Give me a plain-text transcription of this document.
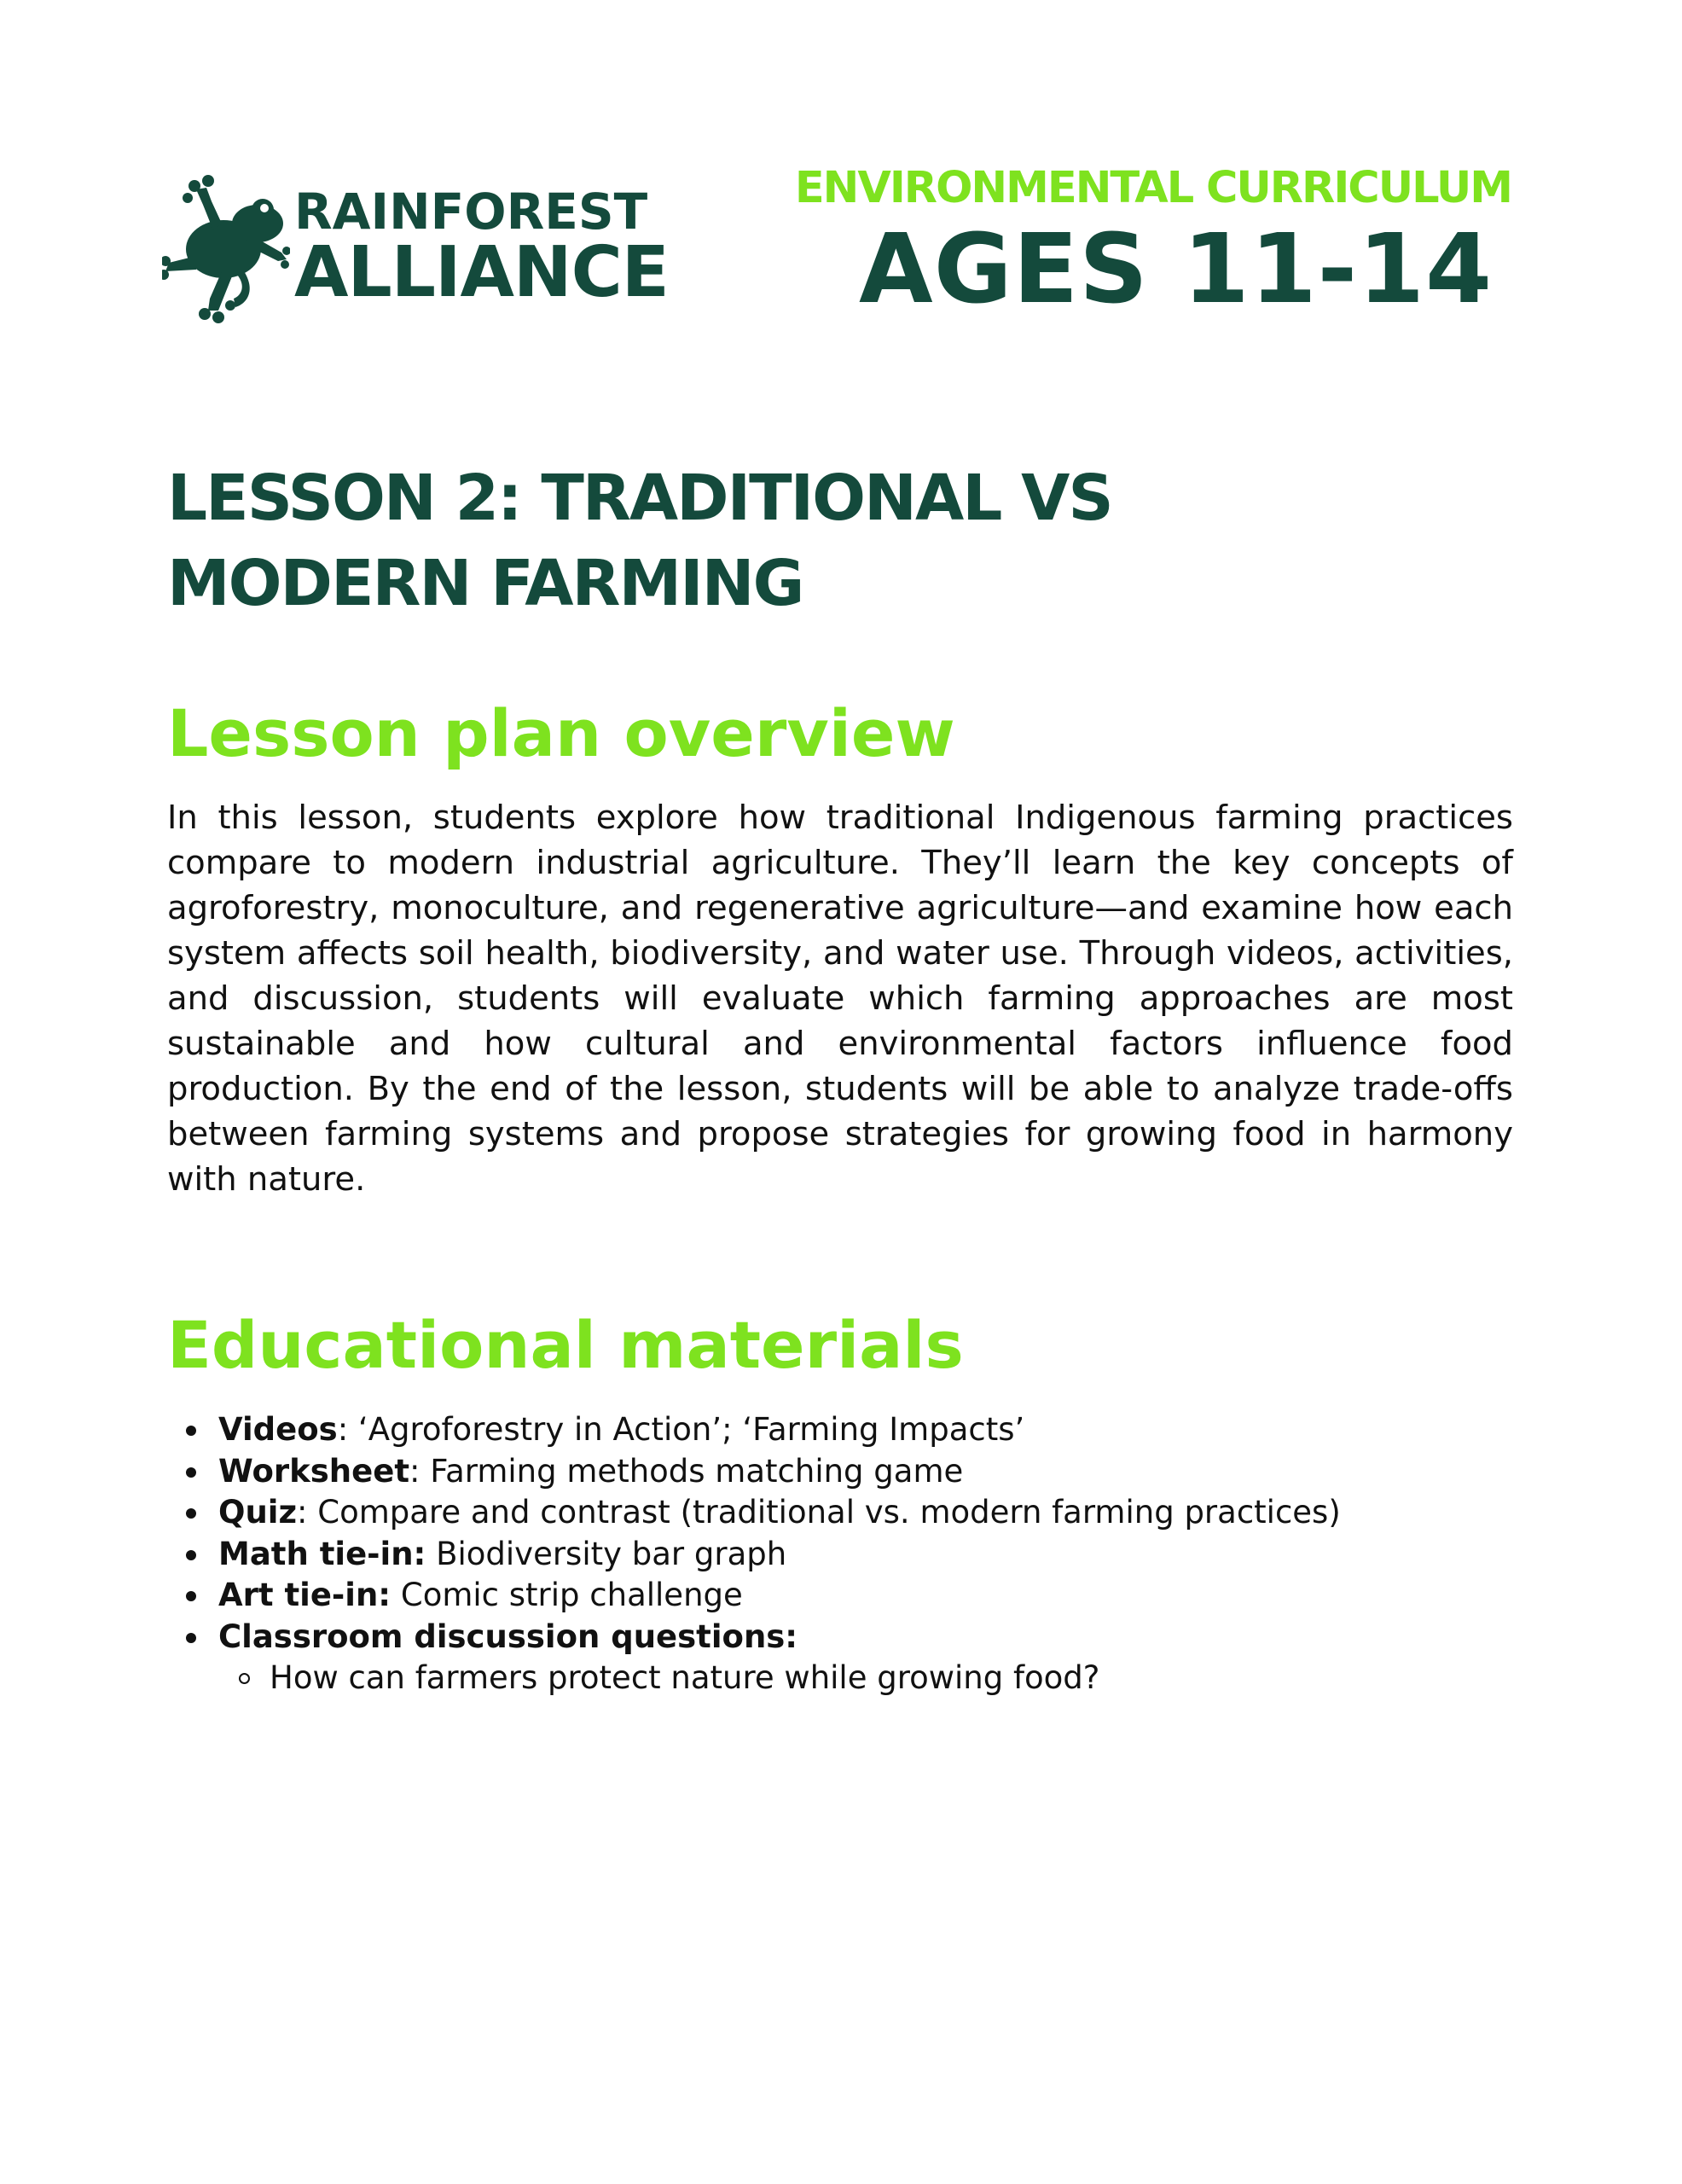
RAINFOREST
ALLIANCE
ENVIRONMENTAL CURRICULUM
AGES 11-14
LESSON 2: TRADITIONAL VS MODERN FARMING
Lesson plan overview

In this lesson, students explore how traditional Indigenous farming practices compare to modern industrial agriculture. They’ll learn the key concepts of agroforestry, monoculture, and regenerative agriculture—and examine how each system affects soil health, biodiversity, and water use. Through videos, activities, and discussion, students will evaluate which farming approaches are most sustainable and how cultural and environmental factors influence food production. By the end of the lesson, students will be able to analyze trade-offs between farming systems and propose strategies for growing food in harmony with nature.

Educational materials
Videos: ‘Agroforestry in Action’; ‘Farming Impacts’
Worksheet: Farming methods matching game
Quiz: Compare and contrast (traditional vs. modern farming practices)
Math tie-in: Biodiversity bar graph
Art tie-in: Comic strip challenge
Classroom discussion questions:
How can farmers protect nature while growing food?
